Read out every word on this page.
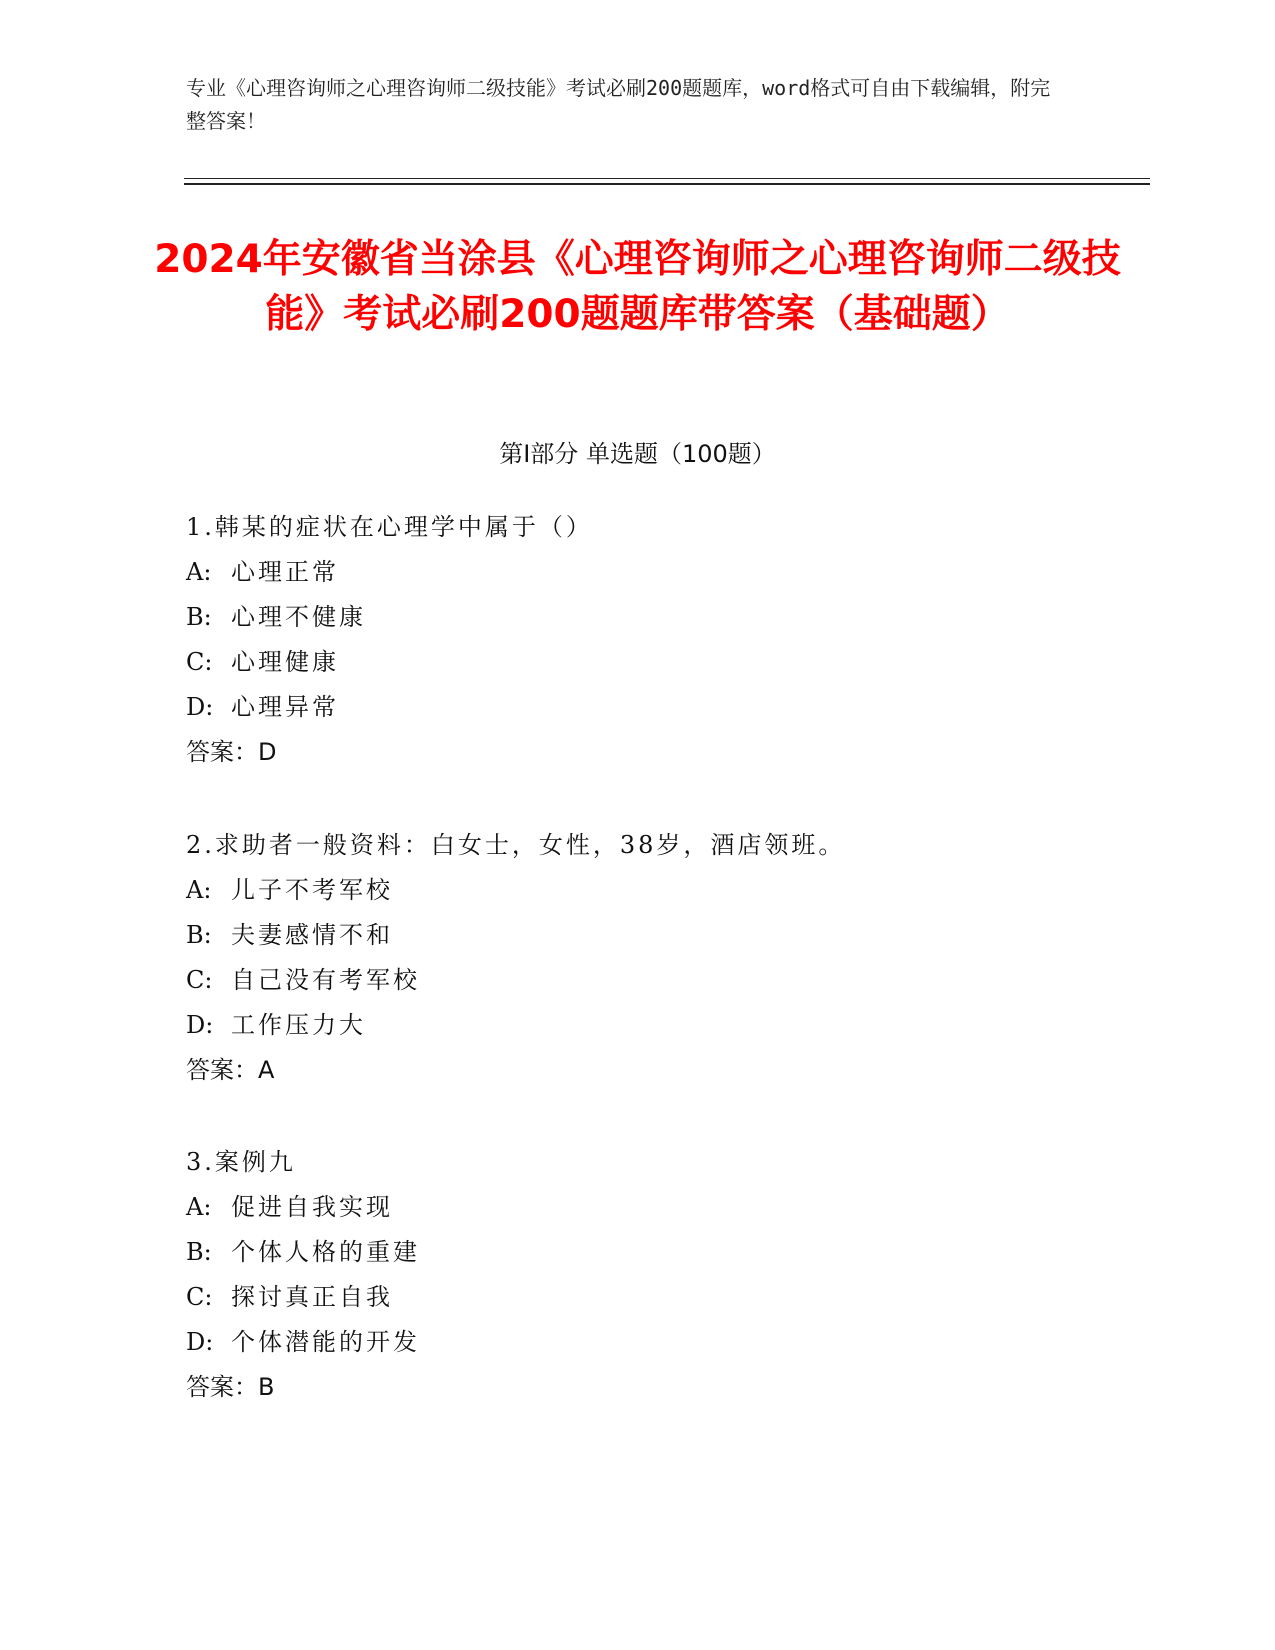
专业《心理咨询师之心理咨询师二级技能》考试必刷200题题库，word格式可自由下载编辑，附完整答案！
2024年安徽省当涂县《心理咨询师之心理咨询师二级技能》考试必刷200题题库带答案（基础题）
第I部分 单选题（100题）
1.韩某的症状在心理学中属于（）
A: 心理正常
B: 心理不健康
C: 心理健康
D: 心理异常
答案：D
2.求助者一般资料：白女士，女性，38岁，酒店领班。
A: 儿子不考军校
B: 夫妻感情不和
C: 自己没有考军校
D: 工作压力大
答案：A
3.案例九
A: 促进自我实现
B: 个体人格的重建
C: 探讨真正自我
D: 个体潜能的开发
答案：B
